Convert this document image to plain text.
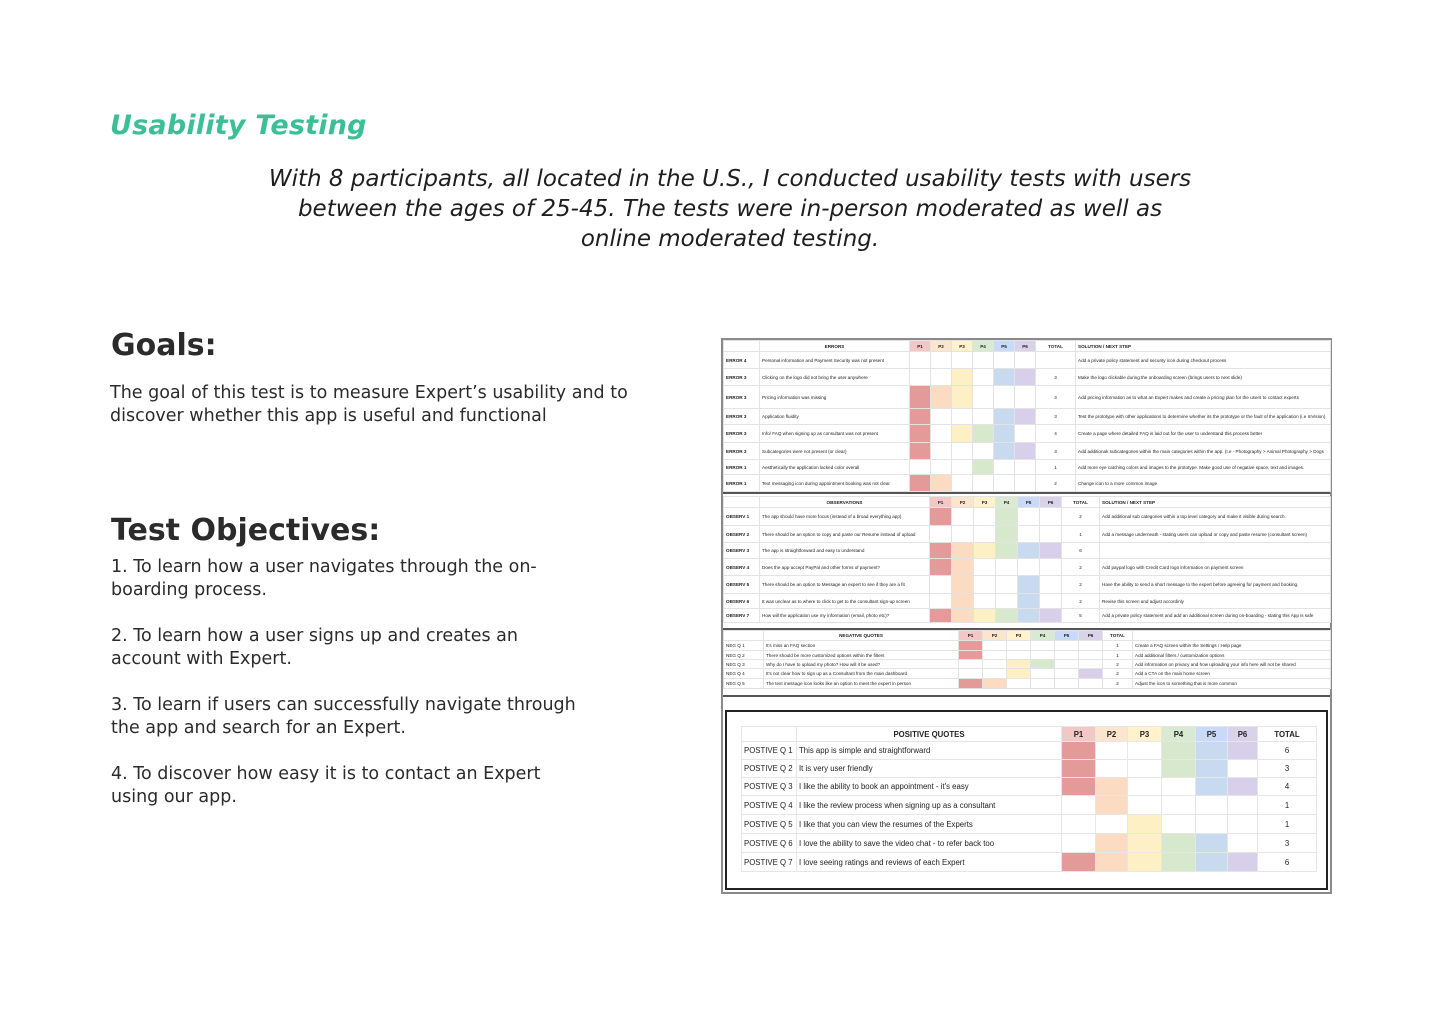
Usability Testing

With 8 participants, all located in the U.S., I conducted usability tests with users between the ages of 25-45. The tests were in-person moderated as well as online moderated testing.

Goals:

The goal of this test is to measure Expert’s usability and to discover whether this app is useful and functional

Test Objectives:
1. To learn how a user navigates through the on-boarding process.
2. To learn how a user signs up and creates an account with Expert.
3. To learn if users can successfully navigate through the app and search for an Expert.
4. To discover how easy it is to contact an Expert using our app.
	ERRORS	P1	P2	P3	P4	P5	P6	TOTAL	SOLUTION / NEXT STEP
ERROR 4	Personal information and Payment Security was not present								Add a private policy statement and security icon during checkout process
ERROR 3	Clicking on the logo did not bring the user anywhere							3	Make the logo clickable during the onboarding screen (brings users to next slide)
ERROR 3	Pricing information was missing							3	Add pricing information as to what an Expert makes and create a pricing plan for the users to contact experts
ERROR 3	Application fluidity							3	Test the prototype with other applications to determine whether its the prototype or the fault of the application (i.e InVision)
ERROR 3	Info/ FAQ when signing up as consultant was not present							4	Create a page where detailed FAQ is laid out for the user to understand this process better
ERROR 3	Subcategories were not present (or clear)							3	Add additionak subcategories within the main categories within the app. (I.e - Photography > Animal Photography > Dogs
ERROR 1	Aesthetically the application lacked color overall							1	Add more eye catching colors and images to the prototype. Make good use of negative space, text and images.
ERROR 1	Text messaging icon during appointment booking was not clear							2	Change icon to a more common image
	OBSERVATIONS	P1	P2	P3	P4	P5	P6	TOTAL	SOLUTION / NEXT STEP
OBSERV 1	The app should have more focus (instead of a broad everything app)							2	Add additional sub categories within a top level category and make it visible during search.
OBSERV 2	There should be an option to copy and paste our Resume instead of upload							1	Add a message underneath - stating users can upload or copy and paste resume (consultant screen)
OBSERV 3	The app is straightforward and easy to understand							6	
OBSERV 4	Does the app accept PayPal and other forms of payment?							2	Add paypal logo with Credit Card logo information on payment screen
OBSERV 5	There should be an option to Message an expert to see if they are a fit							2	Have the ability to send a short message to the expert before agreeing for payment and booking.
OBSERV 6	It was unclear as to where to click to get to the consultant sign-up screen							2	Revise this screen and adjust accordinly
OBSERV 7	How will the application use my information (email, photo etc)?							5	Add a private policy statement and add an additional screen during on-boarding - stating this App is safe
	NEGATIVE QUOTES	P1	P2	P3	P4	P5	P6	TOTAL	
NEG Q 1	It's miss an FAQ section							1	Create a FAQ screen within the Settings / Help page
NEG Q 2	There should be more customized options within the filters							1	Add additional filters / customization options
NEG Q 3	Why do I have to upload my photo? How will it be used?							2	Add information on privacy and how uploading your info here will not be shared
NEG Q 4	It's not clear how to sign up as a Consultant from the main dashboard							2	Add a CTA on the main home screen
NEG Q 5	The text message icon looks like an option to meet the expert in person							2	Adjust the icon to something that is more common
	POSITIVE QUOTES	P1	P2	P3	P4	P5	P6	TOTAL
POSTIVE Q 1	This app is simple and straightforward							6
POSTIVE Q 2	It is very user friendly							3
POSTIVE Q 3	I like the ability to book an appointment - it's easy							4
POSTIVE Q 4	I like the review process when signing up as a consultant							1
POSTIVE Q 5	I like that you can view the resumes of the Experts							1
POSTIVE Q 6	I love the ability to save the video chat - to refer back too							3
POSTIVE Q 7	I love seeing ratings and reviews of each Expert							6
